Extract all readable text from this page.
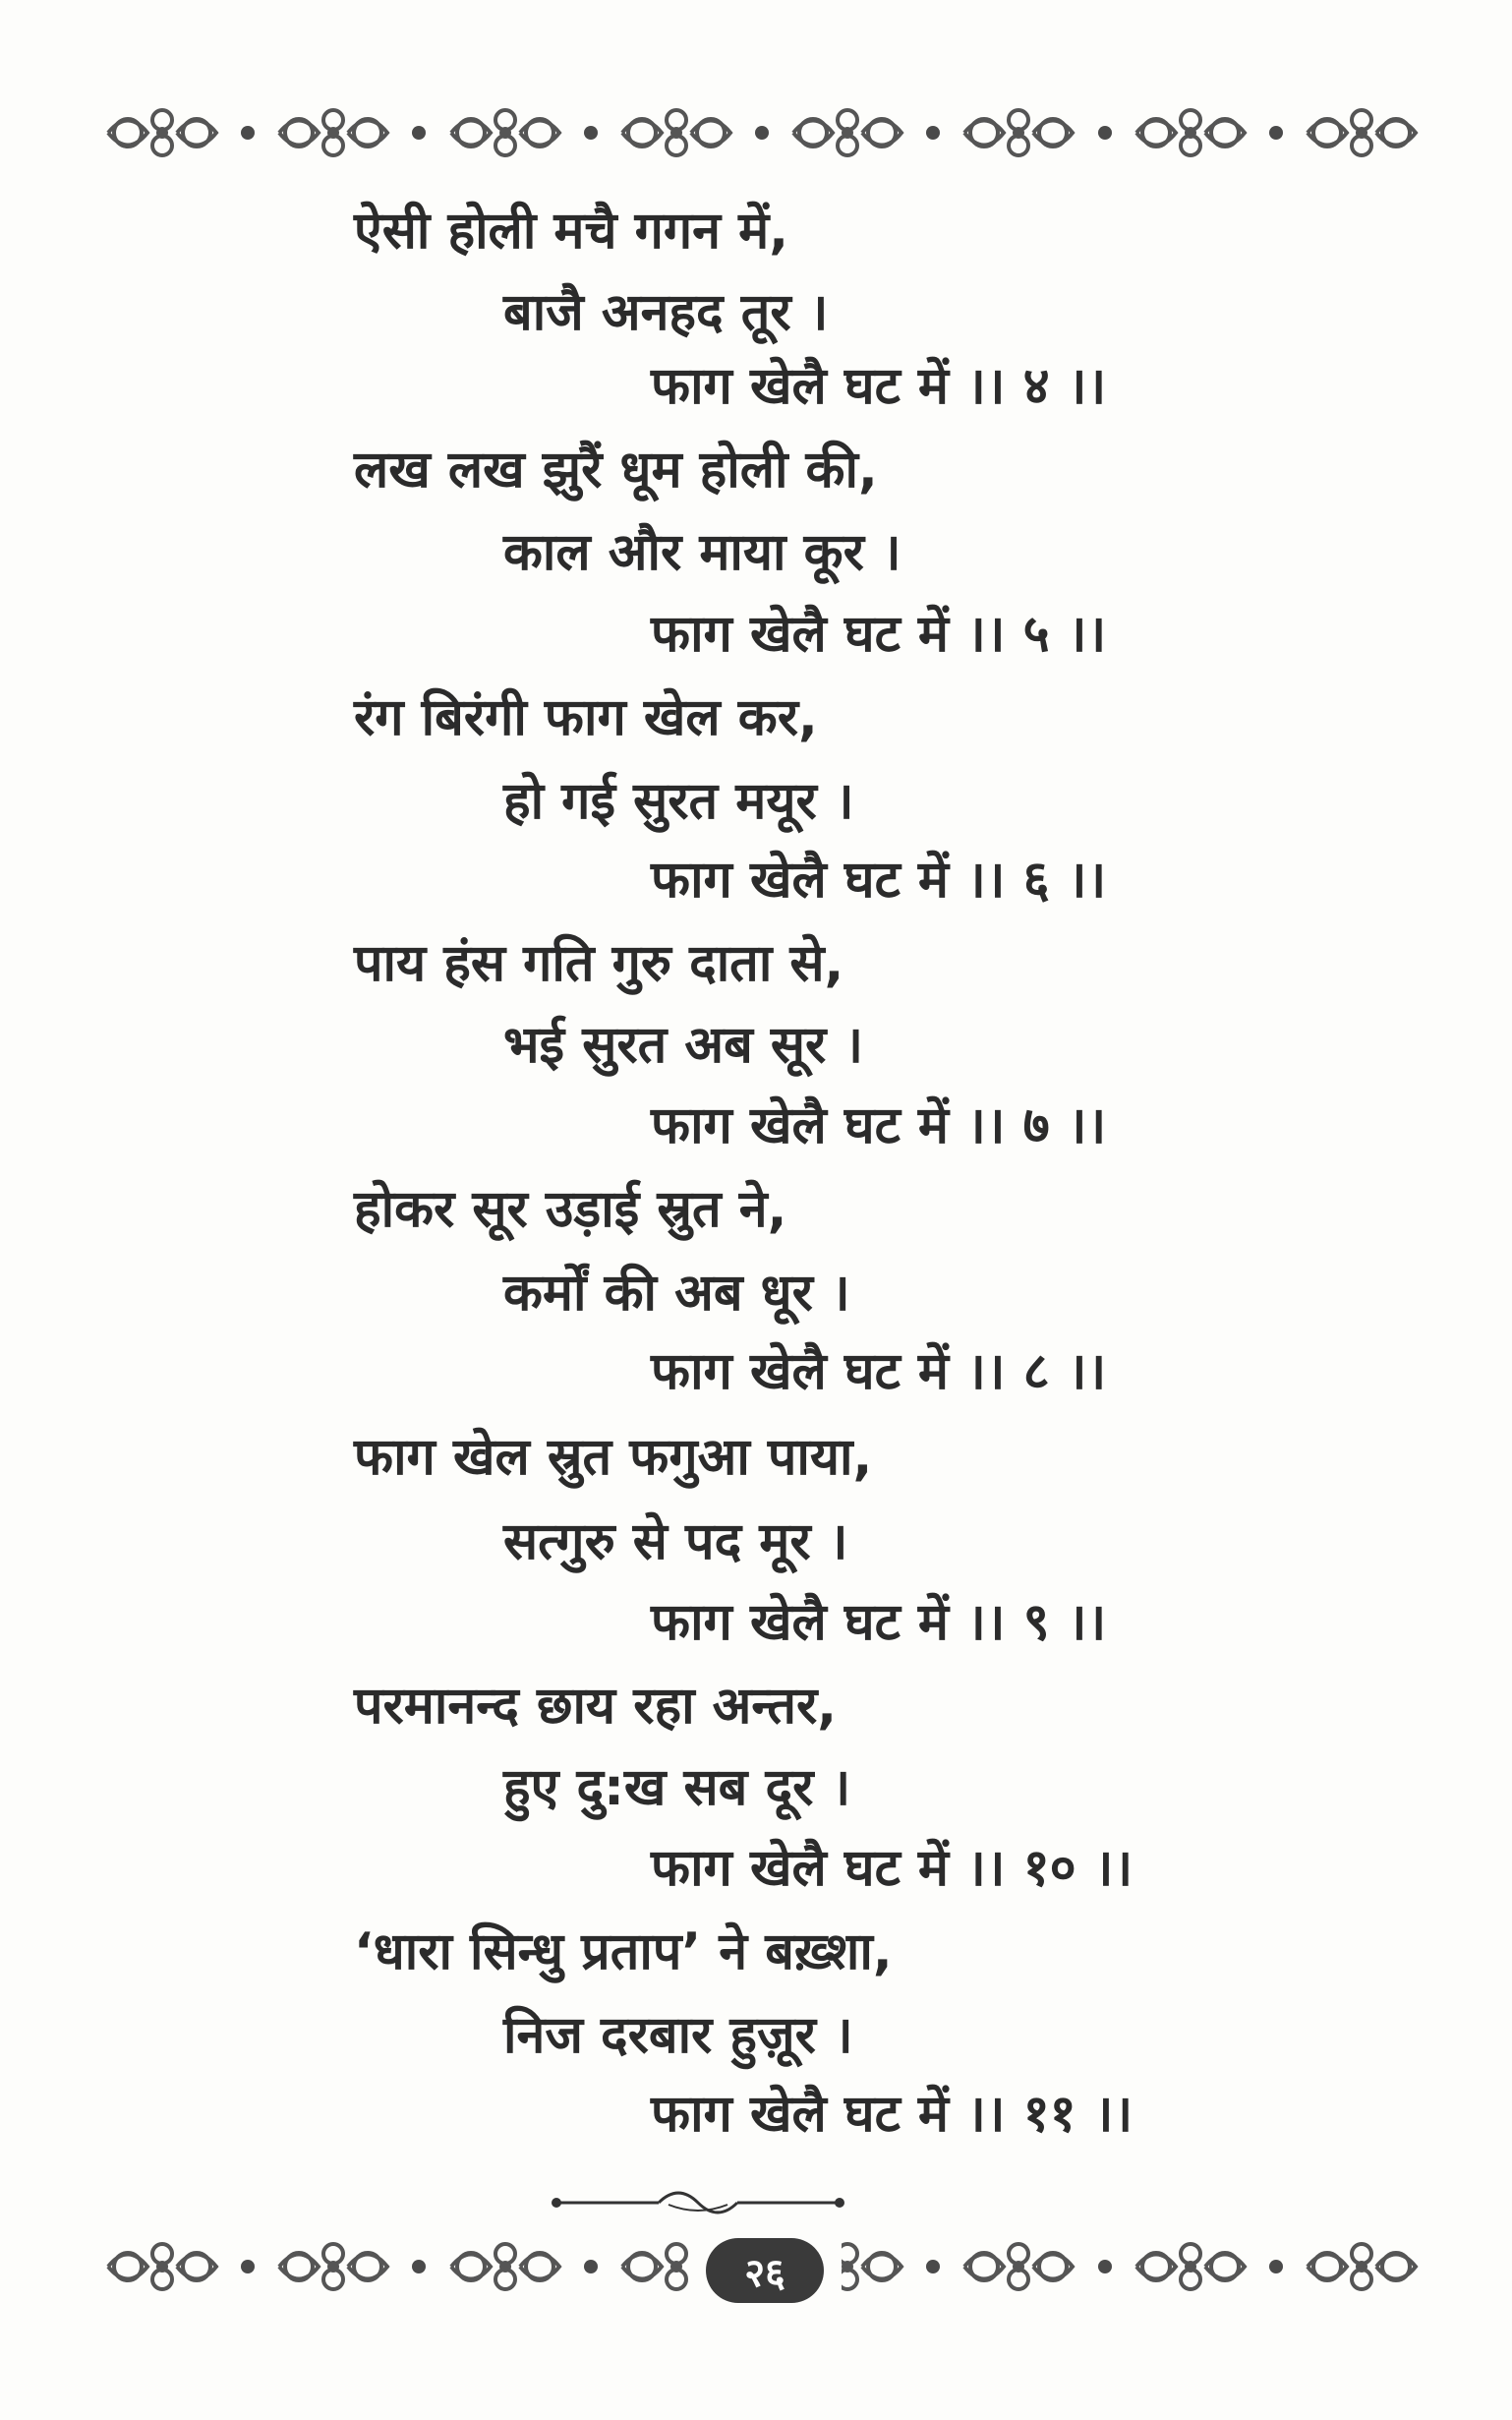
ऐसी होली मचै गगन में,
बाजै अनहद तूर ।
फाग खेलै घट में ।। ४ ।।
लख लख झुरैं धूम होली की,
काल और माया कूर ।
फाग खेलै घट में ।। ५ ।।
रंग बिरंगी फाग खेल कर,
हो गई सुरत मयूर ।
फाग खेलै घट में ।। ६ ।।
पाय हंस गति गुरु दाता से,
भई सुरत अब सूर ।
फाग खेलै घट में ।। ७ ।।
होकर सूर उड़ाई स्रुत ने,
कर्मों की अब धूर ।
फाग खेलै घट में ।। ८ ।।
फाग खेल स्रुत फगुआ पाया,
सत्गुरु से पद मूर ।
फाग खेलै घट में ।। ९ ।।
परमानन्द छाय रहा अन्तर,
हुए दु:ख सब दूर ।
फाग खेलै घट में ।। १० ।।
‘धारा सिन्धु प्रताप’ ने बख़्शा,
निज दरबार हुज़ूर ।
फाग खेलै घट में ।। ११ ।।
२६
